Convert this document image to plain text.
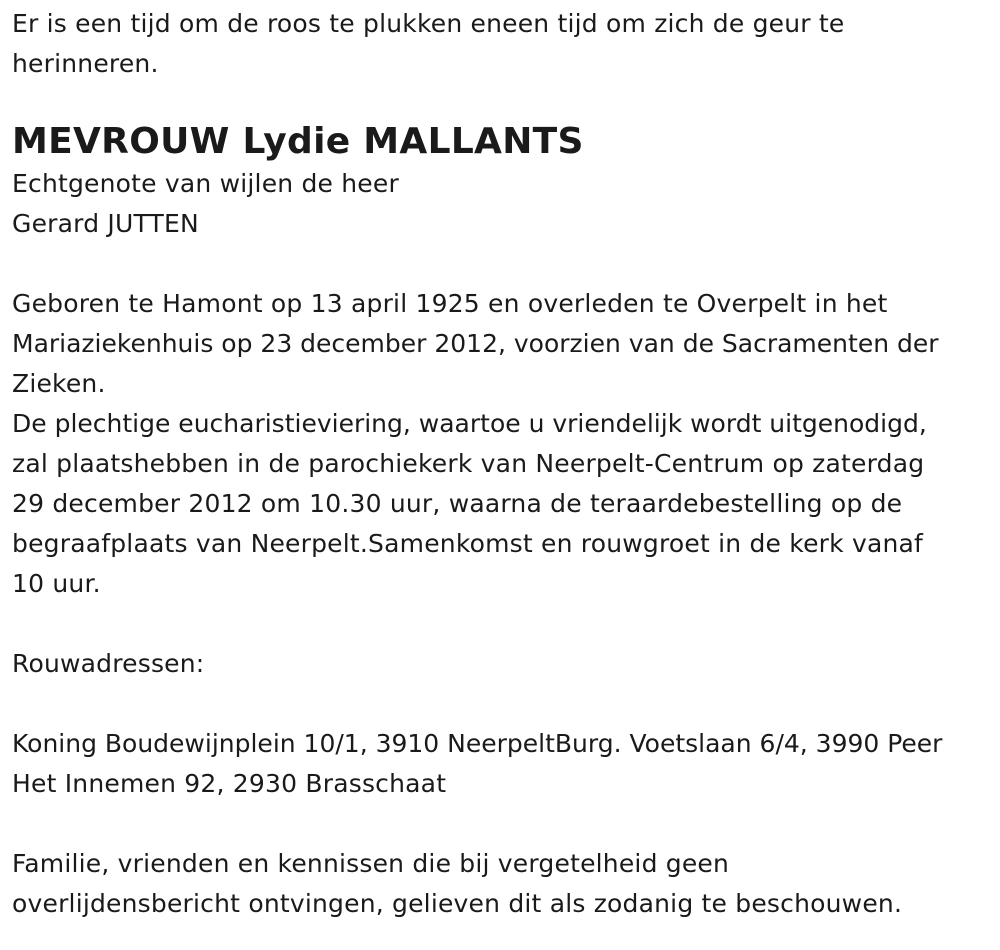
Er is een tijd om de roos te plukken eneen tijd om zich de geur te

herinneren.

MEVROUW Lydie MALLANTS

Echtgenote van wijlen de heer

Gerard JUTTEN

Geboren te Hamont op 13 april 1925 en overleden te Overpelt in het

Mariaziekenhuis op 23 december 2012, voorzien van de Sacramenten der

Zieken.

De plechtige eucharistieviering, waartoe u vriendelijk wordt uitgenodigd,

zal plaatshebben in de parochiekerk van Neerpelt-Centrum op zaterdag

29 december 2012 om 10.30 uur, waarna de teraardebestelling op de

begraafplaats van Neerpelt.Samenkomst en rouwgroet in de kerk vanaf

10 uur.

Rouwadressen:

Koning Boudewijnplein 10/1, 3910 NeerpeltBurg. Voetslaan 6/4, 3990 Peer

Het Innemen 92, 2930 Brasschaat

Familie, vrienden en kennissen die bij vergetelheid geen

overlijdensbericht ontvingen, gelieven dit als zodanig te beschouwen.
